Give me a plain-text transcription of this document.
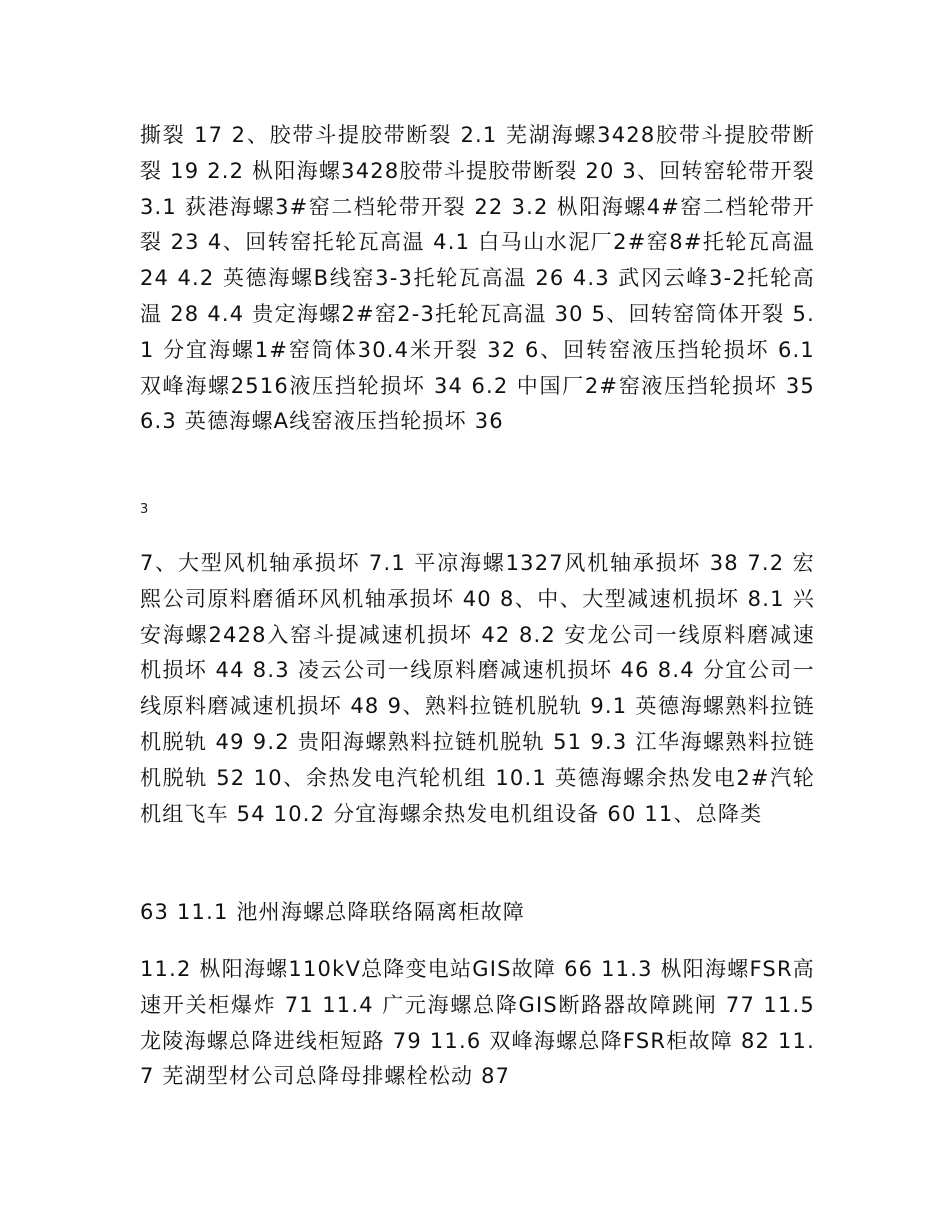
撕裂 17 2、胶带斗提胶带断裂 2.1 芜湖海螺3428胶带斗提胶带断裂 19 2.2 枞阳海螺3428胶带斗提胶带断裂 20 3、回转窑轮带开裂 3.1 荻港海螺3#窑二档轮带开裂 22 3.2 枞阳海螺4#窑二档轮带开裂 23 4、回转窑托轮瓦高温 4.1 白马山水泥厂2#窑8#托轮瓦高温 24 4.2 英德海螺B线窑3-3托轮瓦高温 26 4.3 武冈云峰3-2托轮高温 28 4.4 贵定海螺2#窑2-3托轮瓦高温 30 5、回转窑筒体开裂 5.1 分宜海螺1#窑筒体30.4米开裂 32 6、回转窑液压挡轮损坏 6.1 双峰海螺2516液压挡轮损坏 34 6.2 中国厂2#窑液压挡轮损坏 35 6.3 英德海螺A线窑液压挡轮损坏 36

3

7、大型风机轴承损坏 7.1 平凉海螺1327风机轴承损坏 38 7.2 宏熙公司原料磨循环风机轴承损坏 40 8、中、大型减速机损坏 8.1 兴安海螺2428入窑斗提减速机损坏 42 8.2 安龙公司一线原料磨减速机损坏 44 8.3 凌云公司一线原料磨减速机损坏 46 8.4 分宜公司一线原料磨减速机损坏 48 9、熟料拉链机脱轨 9.1 英德海螺熟料拉链机脱轨 49 9.2 贵阳海螺熟料拉链机脱轨 51 9.3 江华海螺熟料拉链机脱轨 52 10、余热发电汽轮机组 10.1 英德海螺余热发电2#汽轮机组飞车 54 10.2 分宜海螺余热发电机组设备 60 11、总降类

63 11.1 池州海螺总降联络隔离柜故障

11.2 枞阳海螺110kV总降变电站GIS故障 66 11.3 枞阳海螺FSR高速开关柜爆炸 71 11.4 广元海螺总降GIS断路器故障跳闸 77 11.5 龙陵海螺总降进线柜短路 79 11.6 双峰海螺总降FSR柜故障 82 11.7 芜湖型材公司总降母排螺栓松动 87
